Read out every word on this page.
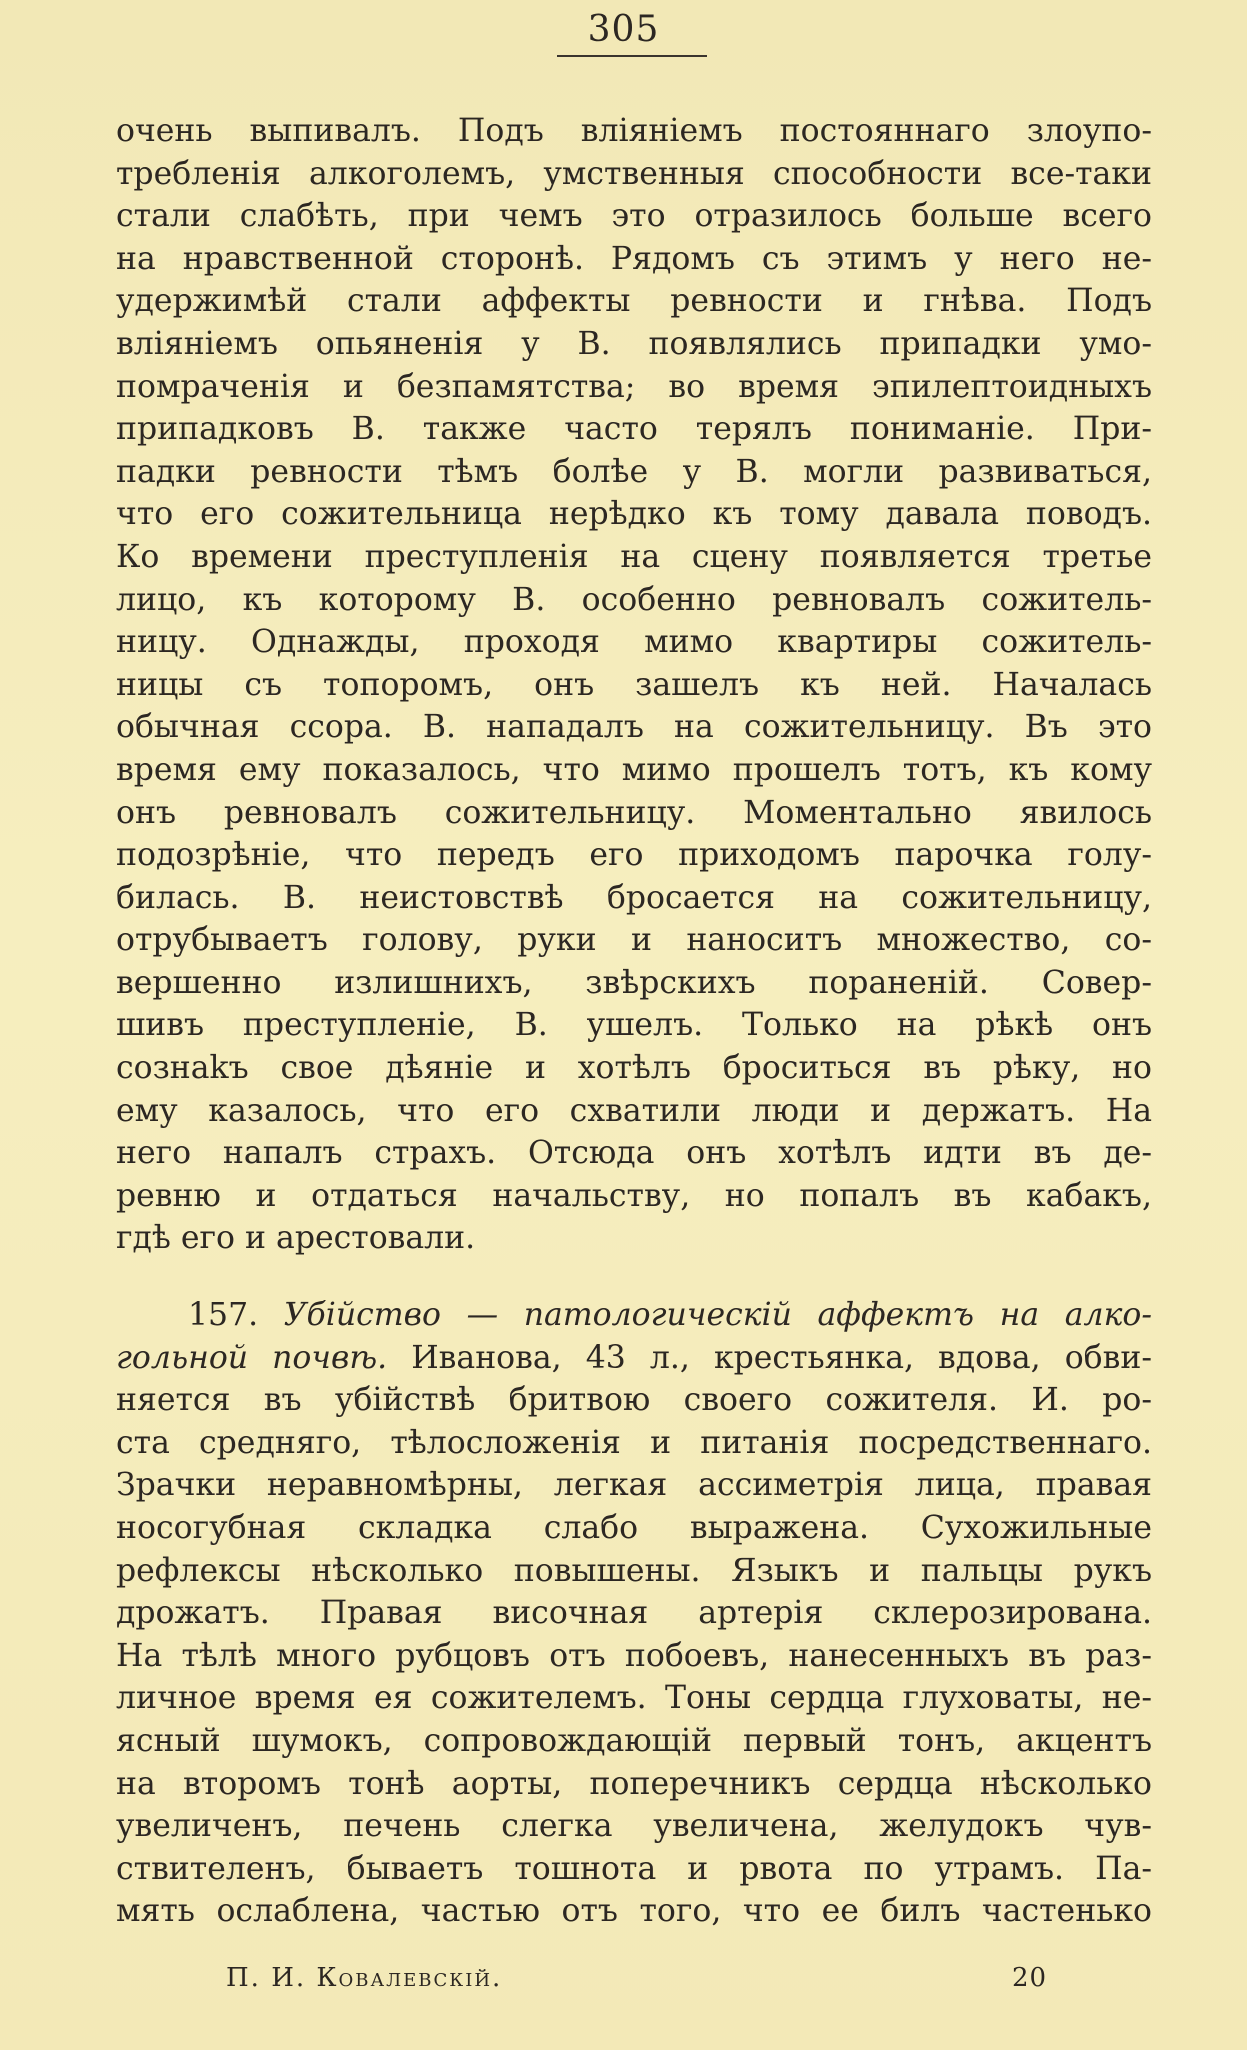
305
очень выпивалъ. Подъ вліяніемъ постояннаго злоупо-
требленія алкоголемъ, умственныя способности все-таки
стали слабѣть, при чемъ это отразилось больше всего
на нравственной сторонѣ. Рядомъ съ этимъ у него не-
удержимѣй стали аффекты ревности и гнѣва. Подъ
вліяніемъ опьяненія у В. появлялись припадки умо-
помраченія и безпамятства; во время эпилептоидныхъ
припадковъ В. также часто терялъ пониманіе. При-
падки ревности тѣмъ болѣе у В. могли развиваться,
что его сожительница нерѣдко къ тому давала поводъ.
Ко времени преступленія на сцену появляется третье
лицо, къ которому В. особенно ревновалъ сожитель-
ницу. Однажды, проходя мимо квартиры сожитель-
ницы съ топоромъ, онъ зашелъ къ ней. Началась
обычная ссора. В. нападалъ на сожительницу. Въ это
время ему показалось, что мимо прошелъ тотъ, къ кому
онъ ревновалъ сожительницу. Моментально явилось
подозрѣніе, что передъ его приходомъ парочка голу-
билась. В. неистовствѣ бросается на сожительницу,
отрубываетъ голову, руки и наноситъ множество, со-
вершенно излишнихъ, звѣрскихъ пораненій. Совер-
шивъ преступленіе, В. ушелъ. Только на рѣкѣ онъ
сознаkъ свое дѣяніе и хотѣлъ броситься въ рѣку, но
ему казалось, что его схватили люди и держатъ. На
него напалъ страхъ. Отсюда онъ хотѣлъ идти въ де-
ревню и отдаться начальству, но попалъ въ кабакъ,
гдѣ его и арестовали.
157. Убійство — патологическій аффектъ на алко-
гольной почвѣ. Иванова, 43 л., крестьянка, вдова, обви-
няется въ убійствѣ бритвою своего сожителя. И. ро-
ста средняго, тѣлосложенія и питанія посредственнаго.
Зрачки неравномѣрны, легкая ассиметрія лица, правая
носогубная складка слабо выражена. Сухожильные
рефлексы нѣсколько повышены. Языкъ и пальцы рукъ
дрожатъ. Правая височная артерія склерозирована.
На тѣлѣ много рубцовъ отъ побоевъ, нанесенныхъ въ раз-
личное время ея сожителемъ. Тоны сердца глуховаты, не-
ясный шумокъ, сопровождающій первый тонъ, акцентъ
на второмъ тонѣ аорты, поперечникъ сердца нѣсколько
увеличенъ, печень слегка увеличена, желудокъ чув-
ствителенъ, бываетъ тошнота и рвота по утрамъ. Па-
мять ослаблена, частью отъ того, что ее билъ частенько
П. И. Ковалевскій.	20
